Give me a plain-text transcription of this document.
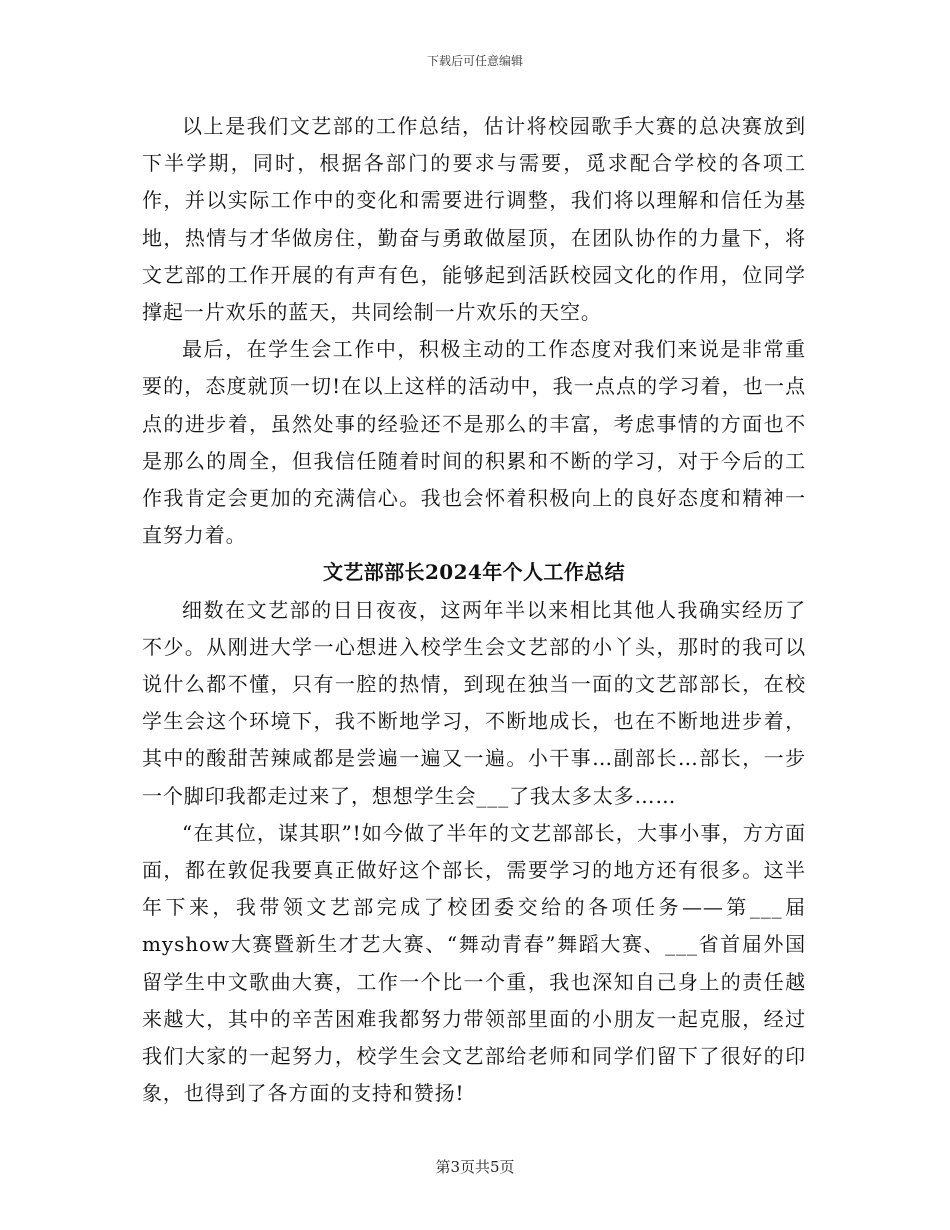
下载后可任意编辑

以上是我们文艺部的工作总结，估计将校园歌手大赛的总决赛放到下半学期，同时，根据各部门的要求与需要，觅求配合学校的各项工作，并以实际工作中的变化和需要进行调整，我们将以理解和信任为基地，热情与才华做房住，勤奋与勇敢做屋顶，在团队协作的力量下，将文艺部的工作开展的有声有色，能够起到活跃校园文化的作用，位同学撑起一片欢乐的蓝天，共同绘制一片欢乐的天空。

最后，在学生会工作中，积极主动的工作态度对我们来说是非常重要的，态度就顶一切!在以上这样的活动中，我一点点的学习着，也一点点的进步着，虽然处事的经验还不是那么的丰富，考虑事情的方面也不是那么的周全，但我信任随着时间的积累和不断的学习，对于今后的工作我肯定会更加的充满信心。我也会怀着积极向上的良好态度和精神一直努力着。

文艺部部长2024年个人工作总结

细数在文艺部的日日夜夜，这两年半以来相比其他人我确实经历了不少。从刚进大学一心想进入校学生会文艺部的小丫头，那时的我可以说什么都不懂，只有一腔的热情，到现在独当一面的文艺部部长，在校学生会这个环境下，我不断地学习，不断地成长，也在不断地进步着，其中的酸甜苦辣咸都是尝遍一遍又一遍。小干事…副部长…部长，一步一个脚印我都走过来了，想想学生会___了我太多太多……

“在其位，谋其职”!如今做了半年的文艺部部长，大事小事，方方面面，都在敦促我要真正做好这个部长，需要学习的地方还有很多。这半年下来，我带领文艺部完成了校团委交给的各项任务——第___届myshow大赛暨新生才艺大赛、“舞动青春”舞蹈大赛、___省首届外国留学生中文歌曲大赛，工作一个比一个重，我也深知自己身上的责任越来越大，其中的辛苦困难我都努力带领部里面的小朋友一起克服，经过我们大家的一起努力，校学生会文艺部给老师和同学们留下了很好的印象，也得到了各方面的支持和赞扬!

第3页共5页
